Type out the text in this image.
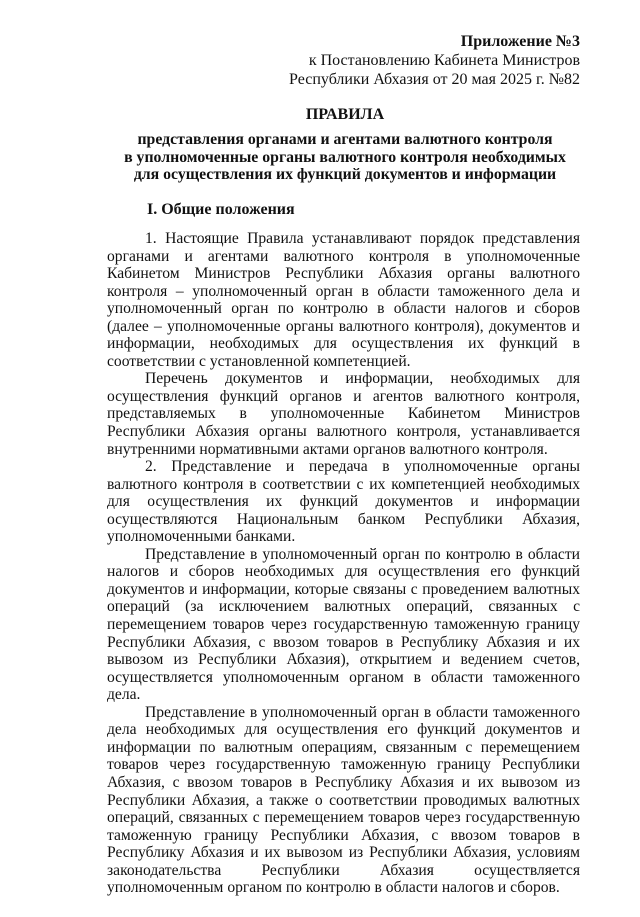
Приложение №3
к Постановлению Кабинета Министров
Республики Абхазия от 20 мая 2025 г. №82
ПРАВИЛА
представления органами и агентами валютного контроля
в уполномоченные органы валютного контроля необходимых
для осуществления их функций документов и информации
I. Общие положения

1. Настоящие Правила устанавливают порядок представления органами и агентами валютного контроля в уполномоченные Кабинетом Министров Республики Абхазия органы валютного контроля – уполномоченный орган в области таможенного дела и уполномоченный орган по контролю в области налогов и сборов (далее – уполномоченные органы валютного контроля), документов и информации, необходимых для осуществления их функций в соответствии с установленной компетенцией.

Перечень документов и информации, необходимых для осуществления функций органов и агентов валютного контроля, представляемых в уполномоченные Кабинетом Министров Республики Абхазия органы валютного контроля, устанавливается внутренними нормативными актами органов валютного контроля.

2. Представление и передача в уполномоченные органы валютного контроля в соответствии с их компетенцией необходимых для осуществления их функций документов и информации осуществляются Национальным банком Республики Абхазия, уполномоченными банками.

Представление в уполномоченный орган по контролю в области налогов и сборов необходимых для осуществления его функций документов и информации, которые связаны с проведением валютных операций (за исключением валютных операций, связанных с перемещением товаров через государственную таможенную границу Республики Абхазия, с ввозом товаров в Республику Абхазия и их вывозом из Республики Абхазия), открытием и ведением счетов, осуществляется уполномоченным органом в области таможенного дела.

Представление в уполномоченный орган в области таможенного дела необходимых для осуществления его функций документов и информации по валютным операциям, связанным с перемещением товаров через государственную таможенную границу Республики Абхазия, с ввозом товаров в Республику Абхазия и их вывозом из Республики Абхазия, а также о соответствии проводимых валютных операций, связанных с перемещением товаров через государственную таможенную границу Республики Абхазия, с ввозом товаров в Республику Абхазия и их вывозом из Республики Абхазия, условиям законодательства Республики Абхазия	осуществляется уполномоченным органом по контролю в области налогов и сборов.
